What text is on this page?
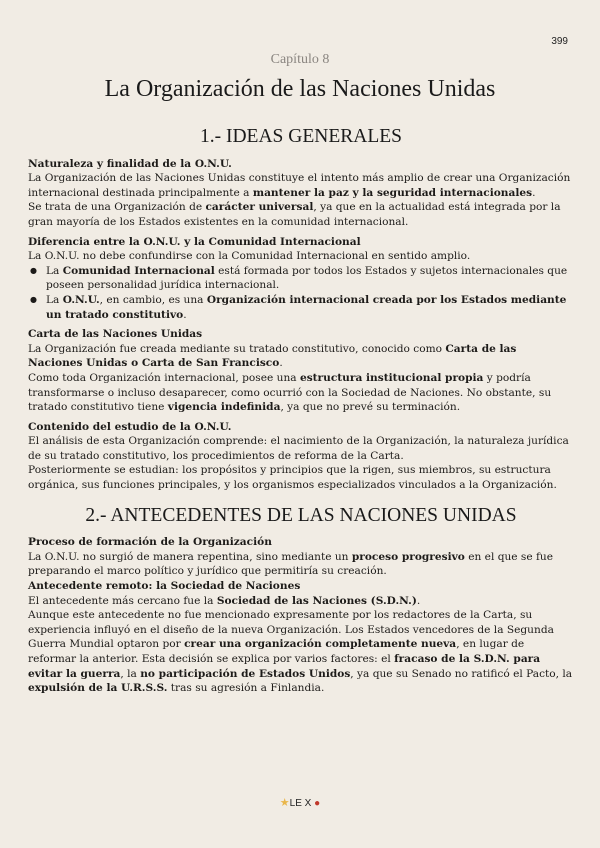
399
Capítulo 8
La Organización de las Naciones Unidas
1.- IDEAS GENERALES
Naturaleza y finalidad de la O.N.U.

La Organización de las Naciones Unidas constituye el intento más amplio de crear una Organización internacional destinada principalmente a mantener la paz y la seguridad internacionales.

Se trata de una Organización de carácter universal, ya que en la actualidad está integrada por la gran mayoría de los Estados existentes en la comunidad internacional.

Diferencia entre la O.N.U. y la Comunidad Internacional

La O.N.U. no debe confundirse con la Comunidad Internacional en sentido amplio.

● La Comunidad Internacional está formada por todos los Estados y sujetos internacionales que poseen personalidad jurídica internacional.
● La O.N.U., en cambio, es una Organización internacional creada por los Estados mediante un tratado constitutivo.
Carta de las Naciones Unidas

La Organización fue creada mediante su tratado constitutivo, conocido como Carta de las Naciones Unidas o Carta de San Francisco.

Como toda Organización internacional, posee una estructura institucional propia y podría transformarse o incluso desaparecer, como ocurrió con la Sociedad de Naciones. No obstante, su tratado constitutivo tiene vigencia indefinida, ya que no prevé su terminación.

Contenido del estudio de la O.N.U.

El análisis de esta Organización comprende: el nacimiento de la Organización, la naturaleza jurídica de su tratado constitutivo, los procedimientos de reforma de la Carta.

Posteriormente se estudian: los propósitos y principios que la rigen, sus miembros, su estructura orgánica, sus funciones principales, y los organismos especializados vinculados a la Organización.

2.- ANTECEDENTES DE LAS NACIONES UNIDAS
Proceso de formación de la Organización

La O.N.U. no surgió de manera repentina, sino mediante un proceso progresivo en el que se fue preparando el marco político y jurídico que permitiría su creación.

Antecedente remoto: la Sociedad de Naciones

El antecedente más cercano fue la Sociedad de las Naciones (S.D.N.).

Aunque este antecedente no fue mencionado expresamente por los redactores de la Carta, su experiencia influyó en el diseño de la nueva Organización. Los Estados vencedores de la Segunda Guerra Mundial optaron por crear una organización completamente nueva, en lugar de reformar la anterior. Esta decisión se explica por varios factores: el fracaso de la S.D.N. para evitar la guerra, la no participación de Estados Unidos, ya que su Senado no ratificó el Pacto, la expulsión de la U.R.S.S. tras su agresión a Finlandia.

★LE X ●
